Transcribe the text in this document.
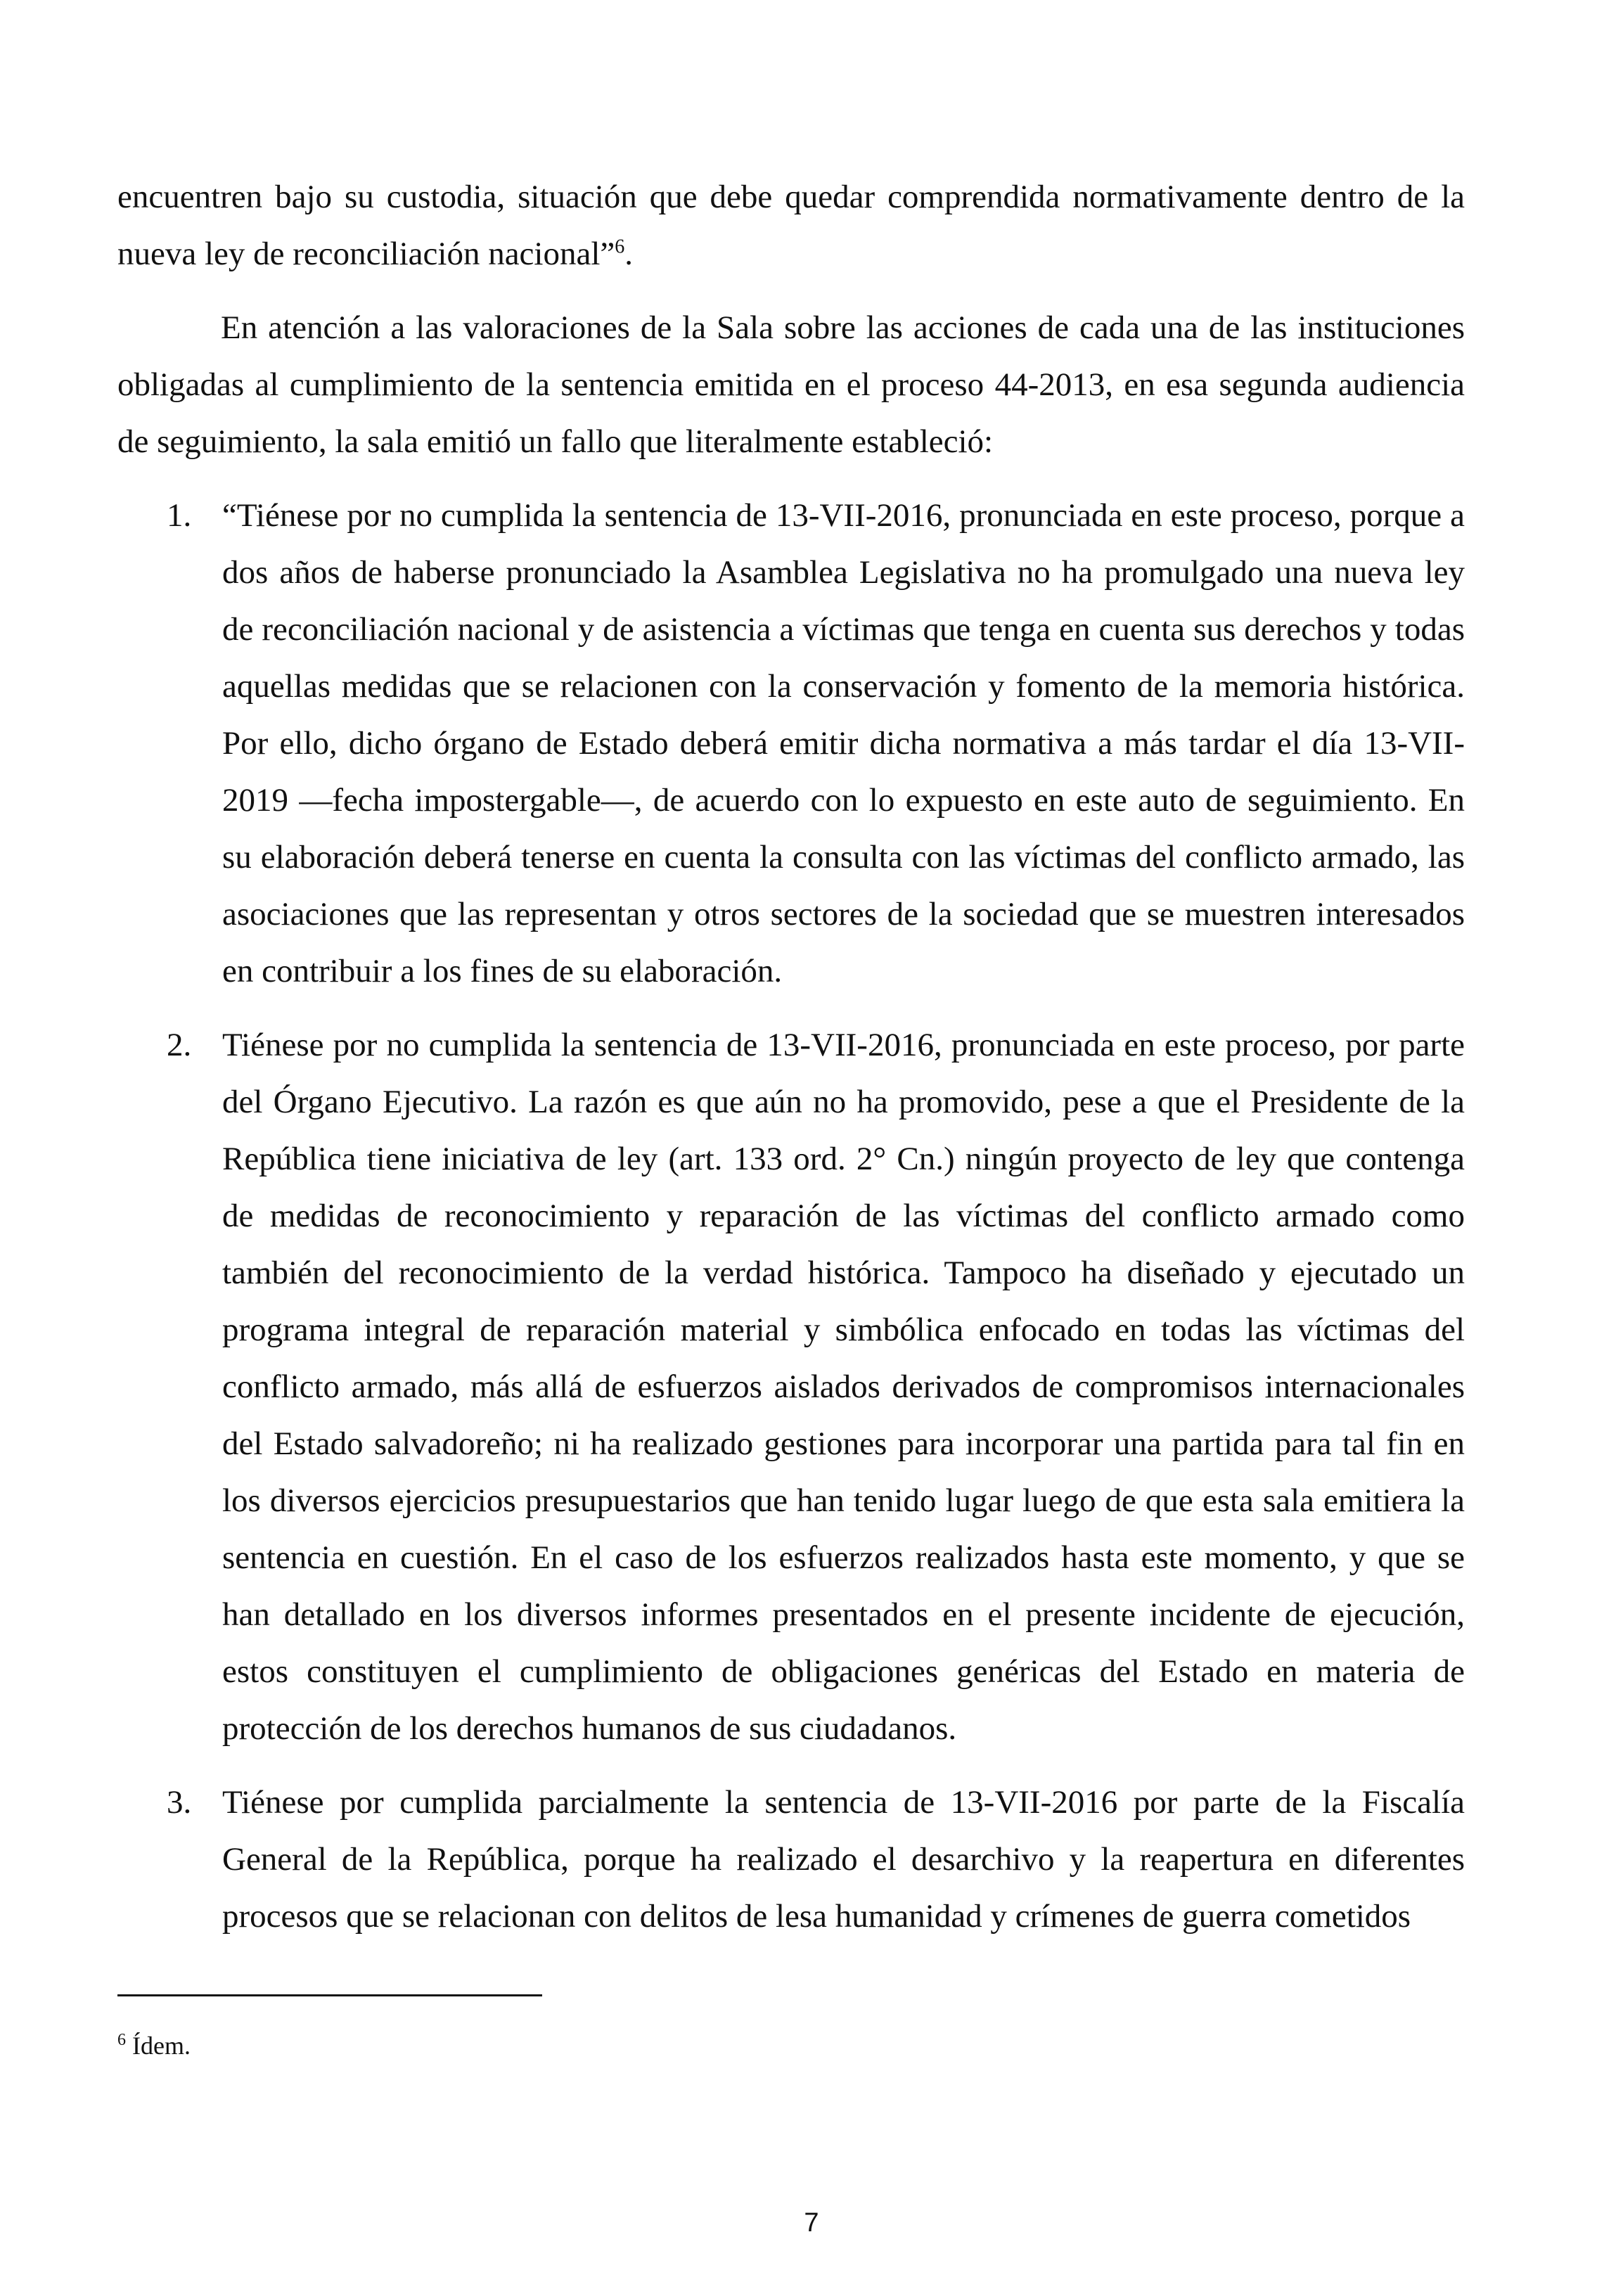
encuentren bajo su custodia, situación que debe quedar comprendida normativamente dentro de la nueva ley de reconciliación nacional”$^6$.

En atención a las valoraciones de la Sala sobre las acciones de cada una de las instituciones obligadas al cumplimiento de la sentencia emitida en el proceso 44-2013, en esa segunda audiencia de seguimiento, la sala emitió un fallo que literalmente estableció:

1. “Tiénese por no cumplida la sentencia de 13-VII-2016, pronunciada en este proceso, porque a dos años de haberse pronunciado la Asamblea Legislativa no ha promulgado una nueva ley de reconciliación nacional y de asistencia a víctimas que tenga en cuenta sus derechos y todas aquellas medidas que se relacionen con la conservación y fomento de la memoria histórica. Por ello, dicho órgano de Estado deberá emitir dicha normativa a más tardar el día 13-VII-2019 —fecha impostergable—, de acuerdo con lo expuesto en este auto de seguimiento. En su elaboración deberá tenerse en cuenta la consulta con las víctimas del conflicto armado, las asociaciones que las representan y otros sectores de la sociedad que se muestren interesados en contribuir a los fines de su elaboración.
2. Tiénese por no cumplida la sentencia de 13-VII-2016, pronunciada en este proceso, por parte del Órgano Ejecutivo. La razón es que aún no ha promovido, pese a que el Presidente de la República tiene iniciativa de ley (art. 133 ord. 2° Cn.) ningún proyecto de ley que contenga de medidas de reconocimiento y reparación de las víctimas del conflicto armado como también del reconocimiento de la verdad histórica. Tampoco ha diseñado y ejecutado un programa integral de reparación material y simbólica enfocado en todas las víctimas del conflicto armado, más allá de esfuerzos aislados derivados de compromisos internacionales del Estado salvadoreño; ni ha realizado gestiones para incorporar una partida para tal fin en los diversos ejercicios presupuestarios que han tenido lugar luego de que esta sala emitiera la sentencia en cuestión. En el caso de los esfuerzos realizados hasta este momento, y que se han detallado en los diversos informes presentados en el presente incidente de ejecución, estos constituyen el cumplimiento de obligaciones genéricas del Estado en materia de protección de los derechos humanos de sus ciudadanos.
3. Tiénese por cumplida parcialmente la sentencia de 13-VII-2016 por parte de la Fiscalía General de la República, porque ha realizado el desarchivo y la reapertura en diferentes procesos que se relacionan con delitos de lesa humanidad y crímenes de guerra cometidos
$^6$ Ídem.
7
